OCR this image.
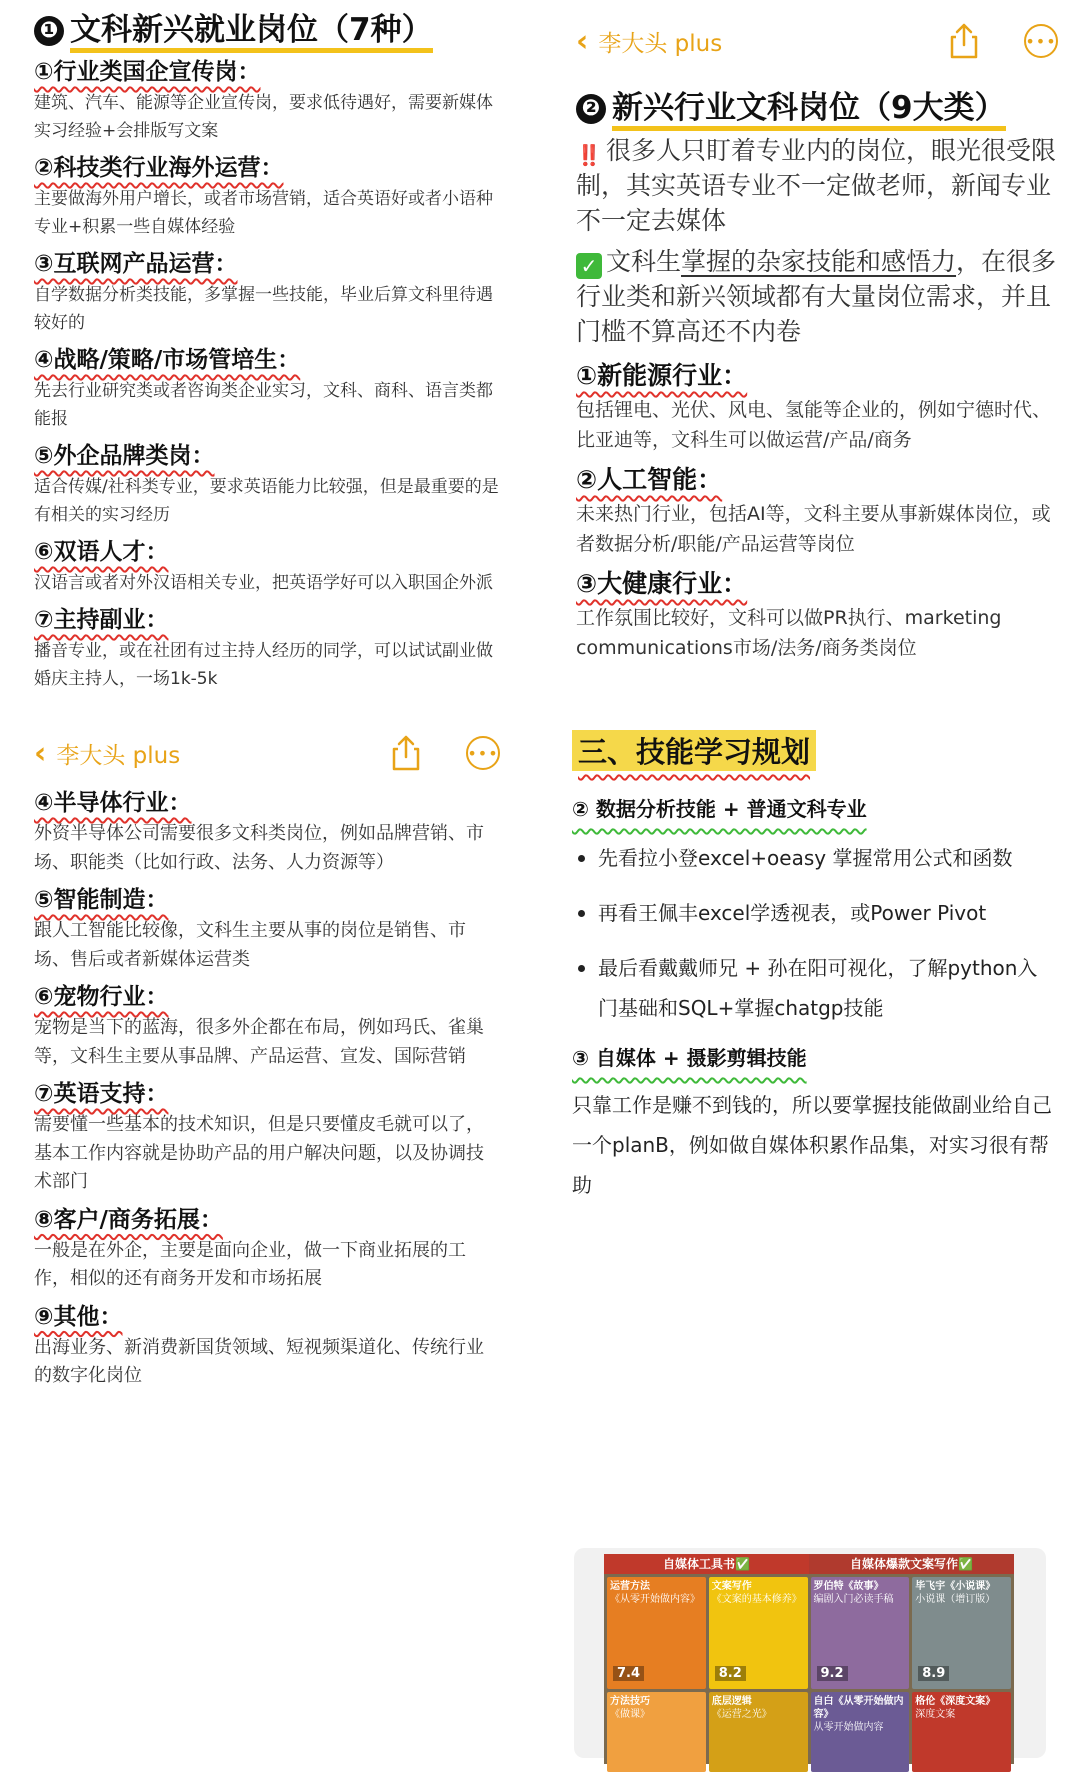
❶ 文科新兴就业岗位（7种）
①行业类国企宣传岗：
建筑、汽车、能源等企业宣传岗，要求低待遇好，需要新媒体实习经验+会排版写文案
②科技类行业海外运营：
主要做海外用户增长，或者市场营销，适合英语好或者小语种专业+积累一些自媒体经验
③互联网产品运营：
自学数据分析类技能，多掌握一些技能，毕业后算文科里待遇较好的
④战略/策略/市场管培生：
先去行业研究类或者咨询类企业实习，文科、商科、语言类都能报
⑤外企品牌类岗：
适合传媒/社科类专业，要求英语能力比较强，但是最重要的是有相关的实习经历
⑥双语人才：
汉语言或者对外汉语相关专业，把英语学好可以入职国企外派
⑦主持副业：
播音专业，或在社团有过主持人经历的同学，可以试试副业做婚庆主持人，一场1k-5k
‹ 李大头 plus	•••
❷ 新兴行业文科岗位（9大类）
‼️ 很多人只盯着专业内的岗位，眼光很受限制，其实英语专业不一定做老师，新闻专业不一定去媒体
✓ 文科生掌握的杂家技能和感悟力，在很多行业类和新兴领域都有大量岗位需求，并且门槛不算高还不内卷
①新能源行业：
包括锂电、光伏、风电、氢能等企业的，例如宁德时代、比亚迪等，文科生可以做运营/产品/商务
②人工智能：
未来热门行业，包括AI等，文科主要从事新媒体岗位，或者数据分析/职能/产品运营等岗位
③大健康行业：
工作氛围比较好，文科可以做PR执行、marketing communications市场/法务/商务类岗位
‹ 李大头 plus	•••
④半导体行业：
外资半导体公司需要很多文科类岗位，例如品牌营销、市场、职能类（比如行政、法务、人力资源等）
⑤智能制造：
跟人工智能比较像，文科生主要从事的岗位是销售、市场、售后或者新媒体运营类
⑥宠物行业：
宠物是当下的蓝海，很多外企都在布局，例如玛氏、雀巢等，文科生主要从事品牌、产品运营、宣发、国际营销
⑦英语支持：
需要懂一些基本的技术知识，但是只要懂皮毛就可以了，基本工作内容就是协助产品的用户解决问题，以及协调技术部门
⑧客户/商务拓展：
一般是在外企，主要是面向企业，做一下商业拓展的工作，相似的还有商务开发和市场拓展
⑨其他：
出海业务、新消费新国货领域、短视频渠道化、传统行业的数字化岗位
三、技能学习规划
② 数据分析技能 + 普通文科专业
先看拉小登excel+oeasy 掌握常用公式和函数
再看王佩丰excel学透视表，或Power Pivot
最后看戴戴师兄 + 孙在阳可视化，了解python入门基础和SQL+掌握chatgp技能
③ 自媒体 + 摄影剪辑技能
只靠工作是赚不到钱的，所以要掌握技能做副业给自己一个planB，例如做自媒体积累作品集，对实习很有帮助
自媒体工具书✅	自媒体爆款文案写作✅
运营方法
《从零开始做内容》
7.4
文案写作
《文案的基本修养》
8.2
罗伯特《故事》
编剧入门必读手稿
9.2
毕飞宇《小说课》
小说课（增订版）
8.9
方法技巧
《做课》
底层逻辑
《运营之光》
自白《从零开始做内容》
从零开始做内容
格伦《深度文案》
深度文案
